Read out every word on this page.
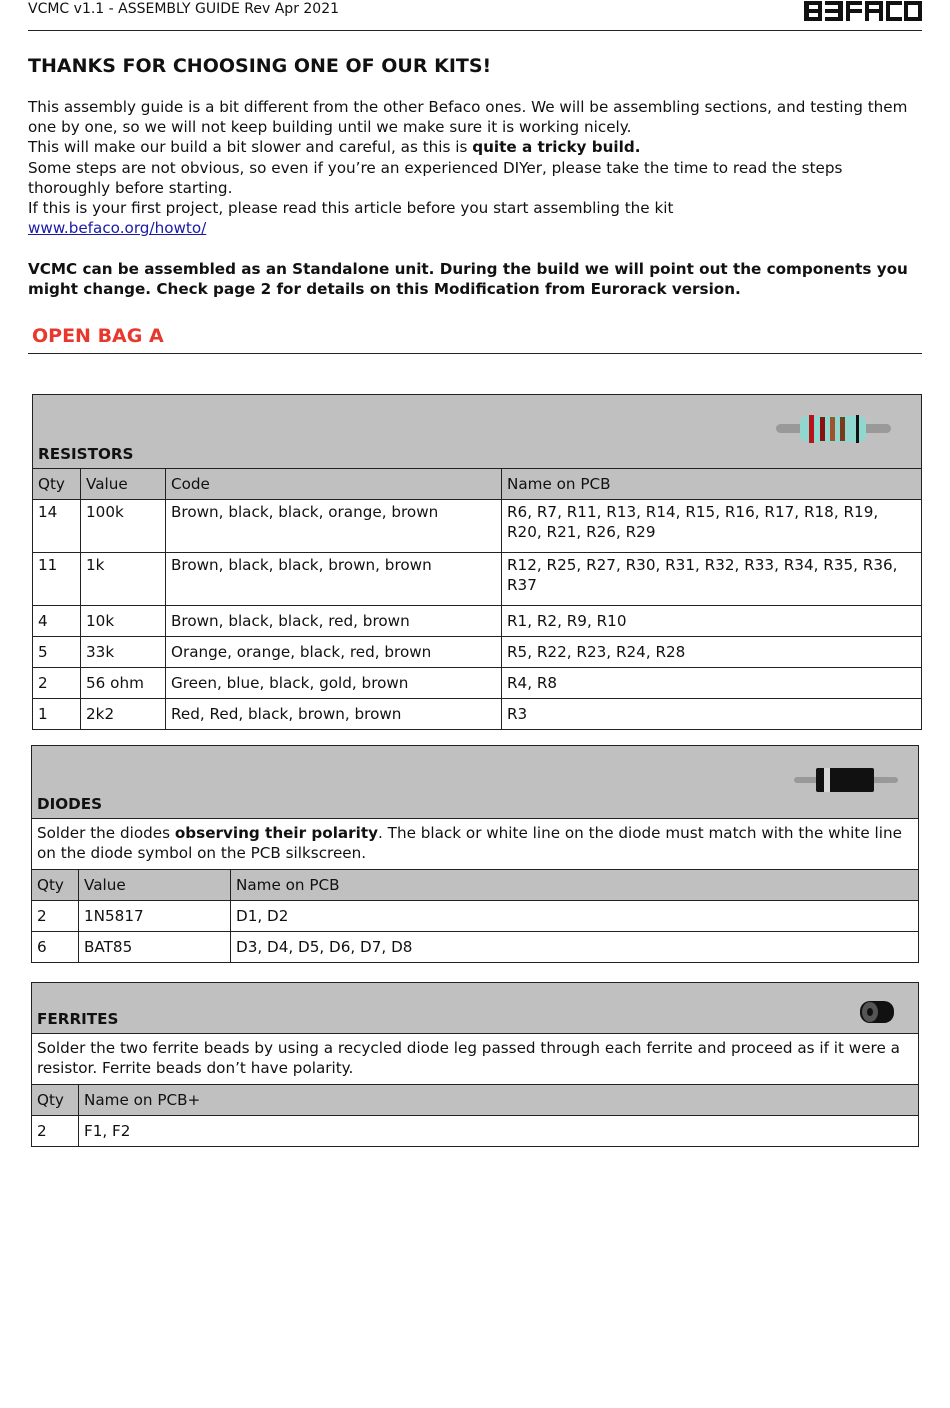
VCMC v1.1 - ASSEMBLY GUIDE Rev Apr 2021
THANKS FOR CHOOSING ONE OF OUR KITS!

This assembly guide is a bit different from the other Befaco ones. We will be assembling sections, and testing them one by one, so we will not keep building until we make sure it is working nicely.

This will make our build a bit slower and careful, as this is quite a tricky build.

Some steps are not obvious, so even if you’re an experienced DIYer, please take the time to read the steps thoroughly before starting.

If this is your first project, please read this article before you start assembling the kit

www.befaco.org/howto/

VCMC can be assembled as an Standalone unit. During the build we will point out the components you might change. Check page 2 for details on this Modification from Eurorack version.
OPEN BAG A
RESISTORS			

Qty	Value	Code	Name on PCB
14	100k	Brown, black, black, orange, brown	R6, R7, R11, R13, R14, R15, R16, R17, R18, R19, R20, R21, R26, R29
11	1k	Brown, black, black, brown, brown	R12, R25, R27, R30, R31, R32, R33, R34, R35, R36, R37
4	10k	Brown, black, black, red, brown	R1, R2, R9, R10
5	33k	Orange, orange, black, red, brown	R5, R22, R23, R24, R28
2	56 ohm	Green, blue, black, gold, brown	R4, R8
1	2k2	Red, Red, black, brown, brown	R3
DIODES		

Solder the diodes observing their polarity. The black or white line on the diode must match with the white line on the diode symbol on the PCB silkscreen.		
Qty	Value	Name on PCB
2	1N5817	D1, D2
6	BAT85	D3, D4, D5, D6, D7, D8
FERRITES	

Solder the two ferrite beads by using a recycled diode leg passed through each ferrite and proceed as if it were a resistor. Ferrite beads don’t have polarity.	
Qty	Name on PCB+
2	F1, F2
